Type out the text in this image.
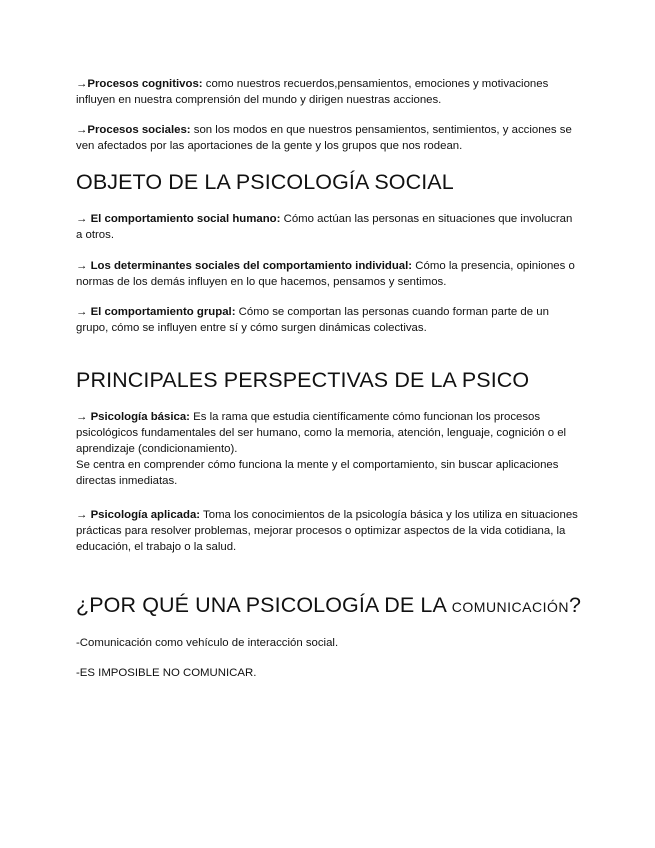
→Procesos cognitivos: como nuestros recuerdos,pensamientos, emociones y motivaciones influyen en nuestra comprensión del mundo y dirigen nuestras acciones.

→Procesos sociales: son los modos en que nuestros pensamientos, sentimientos, y acciones se ven afectados por las aportaciones de la gente y los grupos que nos rodean.

OBJETO DE LA PSICOLOGÍA SOCIAL

→ El comportamiento social humano: Cómo actúan las personas en situaciones que involucran a otros.

→ Los determinantes sociales del comportamiento individual: Cómo la presencia, opiniones o normas de los demás influyen en lo que hacemos, pensamos y sentimos.

→ El comportamiento grupal: Cómo se comportan las personas cuando forman parte de un grupo, cómo se influyen entre sí y cómo surgen dinámicas colectivas.

PRINCIPALES PERSPECTIVAS DE LA PSICO

→ Psicología básica: Es la rama que estudia científicamente cómo funcionan los procesos psicológicos fundamentales del ser humano, como la memoria, atención, lenguaje, cognición o el aprendizaje (condicionamiento).
Se centra en comprender cómo funciona la mente y el comportamiento, sin buscar aplicaciones directas inmediatas.

→ Psicología aplicada: Toma los conocimientos de la psicología básica y los utiliza en situaciones prácticas para resolver problemas, mejorar procesos o optimizar aspectos de la vida cotidiana, la educación, el trabajo o la salud.

¿POR QUÉ UNA PSICOLOGÍA DE LA COMUNICACIÓN?

-Comunicación como vehículo de interacción social.

-ES IMPOSIBLE NO COMUNICAR.
